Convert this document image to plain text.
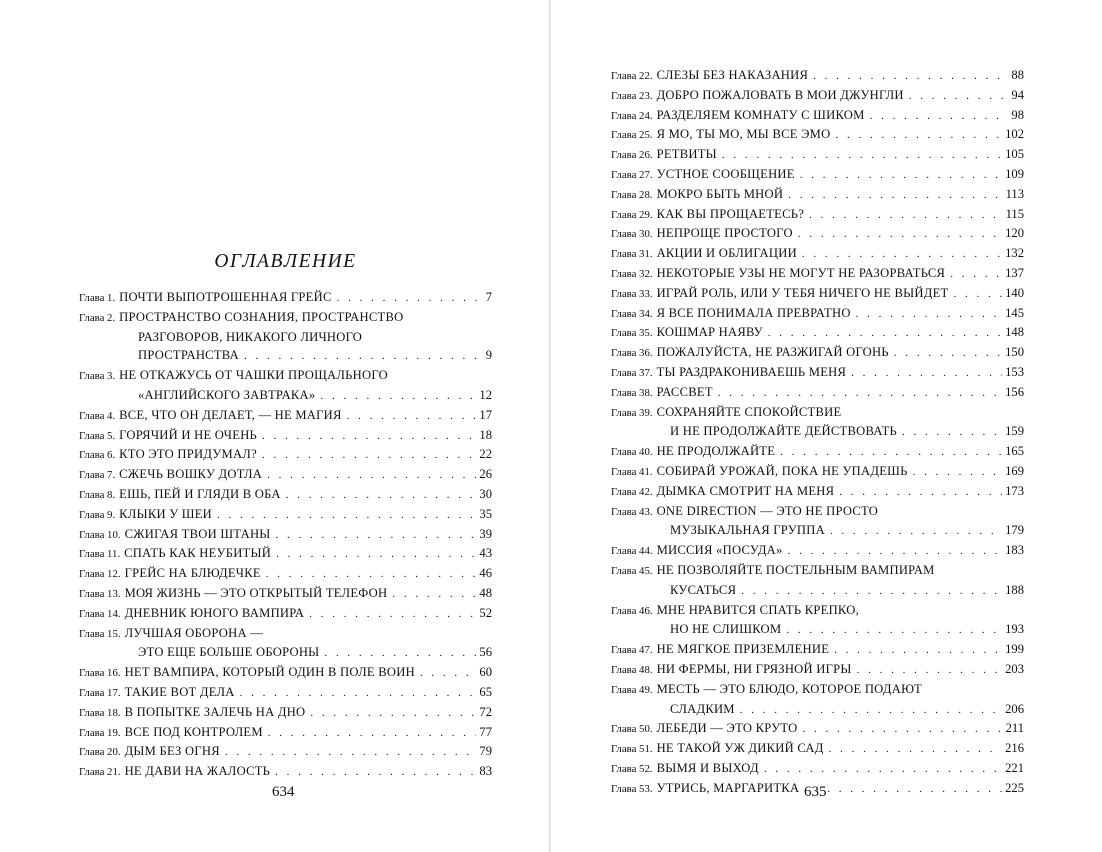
ОГЛАВЛЕНИЕ
Глава 1. ПОЧТИ ВЫПОТРОШЕННАЯ ГРЕЙС . . .	7
Глава 2. ПРОСТРАНСТВО СОЗНАНИЯ, ПРОСТРАНСТВО
РАЗГОВОРОВ, НИКАКОГО ЛИЧНОГО
ПРОСТРАНСТВА . . .	9
Глава 3. НЕ ОТКАЖУСЬ ОТ ЧАШКИ ПРОЩАЛЬНОГО
«АНГЛИЙСКОГО ЗАВТРАКА» . . .	12
Глава 4. ВСЕ, ЧТО ОН ДЕЛАЕТ, — НЕ МАГИЯ . . .	17
Глава 5. ГОРЯЧИЙ И НЕ ОЧЕНЬ . . .	18
Глава 6. КТО ЭТО ПРИДУМАЛ? . . .	22
Глава 7. СЖЕЧЬ ВОШКУ ДОТЛА . . .	26
Глава 8. ЕШЬ, ПЕЙ И ГЛЯДИ В ОБА . . .	30
Глава 9. КЛЫКИ У ШЕИ . . .	35
Глава 10. СЖИГАЯ ТВОИ ШТАНЫ . . .	39
Глава 11. СПАТЬ КАК НЕУБИТЫЙ . . .	43
Глава 12. ГРЕЙС НА БЛЮДЕЧКЕ . . .	46
Глава 13. МОЯ ЖИЗНЬ — ЭТО ОТКРЫТЫЙ ТЕЛЕФОН . . .	48
Глава 14. ДНЕВНИК ЮНОГО ВАМПИРА . . .	52
Глава 15. ЛУЧШАЯ ОБОРОНА —
ЭТО ЕЩЕ БОЛЬШЕ ОБОРОНЫ . . .	56
Глава 16. НЕТ ВАМПИРА, КОТОРЫЙ ОДИН В ПОЛЕ ВОИН . . .	60
Глава 17. ТАКИЕ ВОТ ДЕЛА . . .	65
Глава 18. В ПОПЫТКЕ ЗАЛЕЧЬ НА ДНО . . .	72
Глава 19. ВСЕ ПОД КОНТРОЛЕМ . . .	77
Глава 20. ДЫМ БЕЗ ОГНЯ . . .	79
Глава 21. НЕ ДАВИ НА ЖАЛОСТЬ . . .	83
Глава 22. СЛЕЗЫ БЕЗ НАКАЗАНИЯ . . .	88
Глава 23. ДОБРО ПОЖАЛОВАТЬ В МОИ ДЖУНГЛИ . . .	94
Глава 24. РАЗДЕЛЯЕМ КОМНАТУ С ШИКОМ . . .	98
Глава 25. Я МО, ТЫ МО, МЫ ВСЕ ЭМО . . .	102
Глава 26. РЕТВИТЫ . . .	105
Глава 27. УСТНОЕ СООБЩЕНИЕ . . .	109
Глава 28. МОКРО БЫТЬ МНОЙ . . .	113
Глава 29. КАК ВЫ ПРОЩАЕТЕСЬ? . . .	115
Глава 30. НЕПРОЩЕ ПРОСТОГО . . .	120
Глава 31. АКЦИИ И ОБЛИГАЦИИ . . .	132
Глава 32. НЕКОТОРЫЕ УЗЫ НЕ МОГУТ НЕ РАЗОРВАТЬСЯ . . .	137
Глава 33. ИГРАЙ РОЛЬ, ИЛИ У ТЕБЯ НИЧЕГО НЕ ВЫЙДЕТ . . .	140
Глава 34. Я ВСЕ ПОНИМАЛА ПРЕВРАТНО . . .	145
Глава 35. КОШМАР НАЯВУ . . .	148
Глава 36. ПОЖАЛУЙСТА, НЕ РАЗЖИГАЙ ОГОНЬ . . .	150
Глава 37. ТЫ РАЗДРАКОНИВАЕШЬ МЕНЯ . . .	153
Глава 38. РАССВЕТ . . .	156
Глава 39. СОХРАНЯЙТЕ СПОКОЙСТВИЕ
И НЕ ПРОДОЛЖАЙТЕ ДЕЙСТВОВАТЬ . . .	159
Глава 40. НЕ ПРОДОЛЖАЙТЕ . . .	165
Глава 41. СОБИРАЙ УРОЖАЙ, ПОКА НЕ УПАДЕШЬ . . .	169
Глава 42. ДЫМКА СМОТРИТ НА МЕНЯ . . .	173
Глава 43. ONE DIRECTION — ЭТО НЕ ПРОСТО
МУЗЫКАЛЬНАЯ ГРУППА . . .	179
Глава 44. МИССИЯ «ПОСУДА» . . .	183
Глава 45. НЕ ПОЗВОЛЯЙТЕ ПОСТЕЛЬНЫМ ВАМПИРАМ
КУСАТЬСЯ . . .	188
Глава 46. МНЕ НРАВИТСЯ СПАТЬ КРЕПКО,
НО НЕ СЛИШКОМ . . .	193
Глава 47. НЕ МЯГКОЕ ПРИЗЕМЛЕНИЕ . . .	199
Глава 48. НИ ФЕРМЫ, НИ ГРЯЗНОЙ ИГРЫ . . .	203
Глава 49. МЕСТЬ — ЭТО БЛЮДО, КОТОРОЕ ПОДАЮТ
СЛАДКИМ . . .	206
Глава 50. ЛЕБЕДИ — ЭТО КРУТО . . .	211
Глава 51. НЕ ТАКОЙ УЖ ДИКИЙ САД . . .	216
Глава 52. ВЫМЯ И ВЫХОД . . .	221
Глава 53. УТРИСЬ, МАРГАРИТКА . . .	225
634	635
